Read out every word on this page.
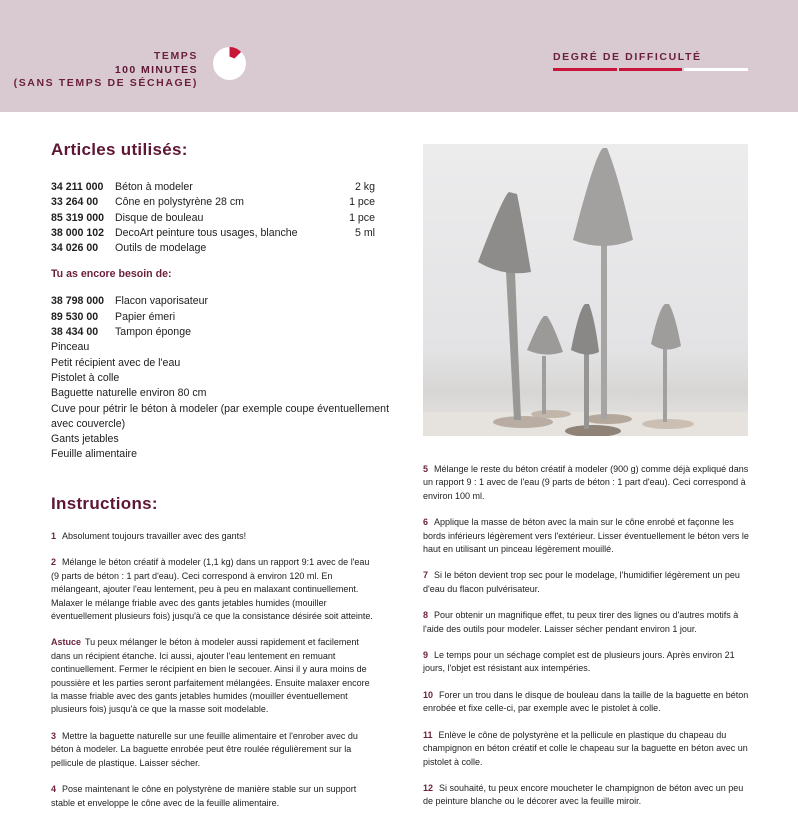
TEMPS
100 MINUTES
(SANS TEMPS DE SÉCHAGE)
DEGRÉ DE DIFFICULTÉ
Articles utilisés:
34 211 000	Béton à modeler	2 kg
33 264 00	Cône en polystyrène 28 cm	1 pce
85 319 000	Disque de bouleau	1 pce
38 000 102	DecoArt peinture tous usages, blanche	5 ml
34 026 00	Outils de modelage
Tu as encore besoin de:
38 798 000	Flacon vaporisateur
89 530 00	Papier émeri
38 434 00	Tampon éponge
Pinceau
Petit récipient avec de l'eau
Pistolet à colle
Baguette naturelle environ 80 cm
Cuve pour pétrir le béton à modeler (par exemple coupe éventuellement avec couvercle)
Gants jetables
Feuille alimentaire
Instructions:
1 Absolument toujours travailler avec des gants!
2 Mélange le béton créatif à modeler (1,1 kg) dans un rapport 9:1 avec de l'eau (9 parts de béton : 1 part d'eau). Ceci correspond à environ 120 ml. En mélangeant, ajouter l'eau lentement, peu à peu en malaxant continuellement. Malaxer le mélange friable avec des gants jetables humides (mouiller éventuellement plusieurs fois) jusqu'à ce que la consistance désirée soit atteinte.
Astuce Tu peux mélanger le béton à modeler aussi rapidement et facilement dans un récipient étanche. Ici aussi, ajouter l'eau lentement en remuant continuellement. Fermer le récipient en bien le secouer. Ainsi il y aura moins de poussière et les parties seront parfaitement mélangées. Ensuite malaxer encore la masse friable avec des gants jetables humides (mouiller éventuellement plusieurs fois) jusqu'à ce que la masse soit modelable.
3 Mettre la baguette naturelle sur une feuille alimentaire et l'enrober avec du béton à modeler. La baguette enrobée peut être roulée régulièrement sur la pellicule de plastique. Laisser sécher.
4 Pose maintenant le cône en polystyrène de manière stable sur un support stable et enveloppe le cône avec de la feuille alimentaire.
5 Mélange le reste du béton créatif à modeler (900 g) comme déjà expliqué dans un rapport 9 : 1 avec de l'eau (9 parts de béton : 1 part d'eau). Ceci correspond à environ 100 ml.
6 Applique la masse de béton avec la main sur le cône enrobé et façonne les bords inférieurs légèrement vers l'extérieur. Lisser éventuellement le béton vers le haut en utilisant un pinceau légèrement mouillé.
7 Si le béton devient trop sec pour le modelage, l'humidifier légèrement un peu d'eau du flacon pulvérisateur.
8 Pour obtenir un magnifique effet, tu peux tirer des lignes ou d'autres motifs à l'aide des outils pour modeler. Laisser sécher pendant environ 1 jour.
9 Le temps pour un séchage complet est de plusieurs jours. Après environ 21 jours, l'objet est résistant aux intempéries.
10 Forer un trou dans le disque de bouleau dans la taille de la baguette en béton enrobée et fixe celle-ci, par exemple avec le pistolet à colle.
11 Enlève le cône de polystyrène et la pellicule en plastique du chapeau du champignon en béton créatif et colle le chapeau sur la baguette en béton avec un pistolet à colle.
12 Si souhaité, tu peux encore moucheter le champignon de béton avec un peu de peinture blanche ou le décorer avec la feuille miroir.
